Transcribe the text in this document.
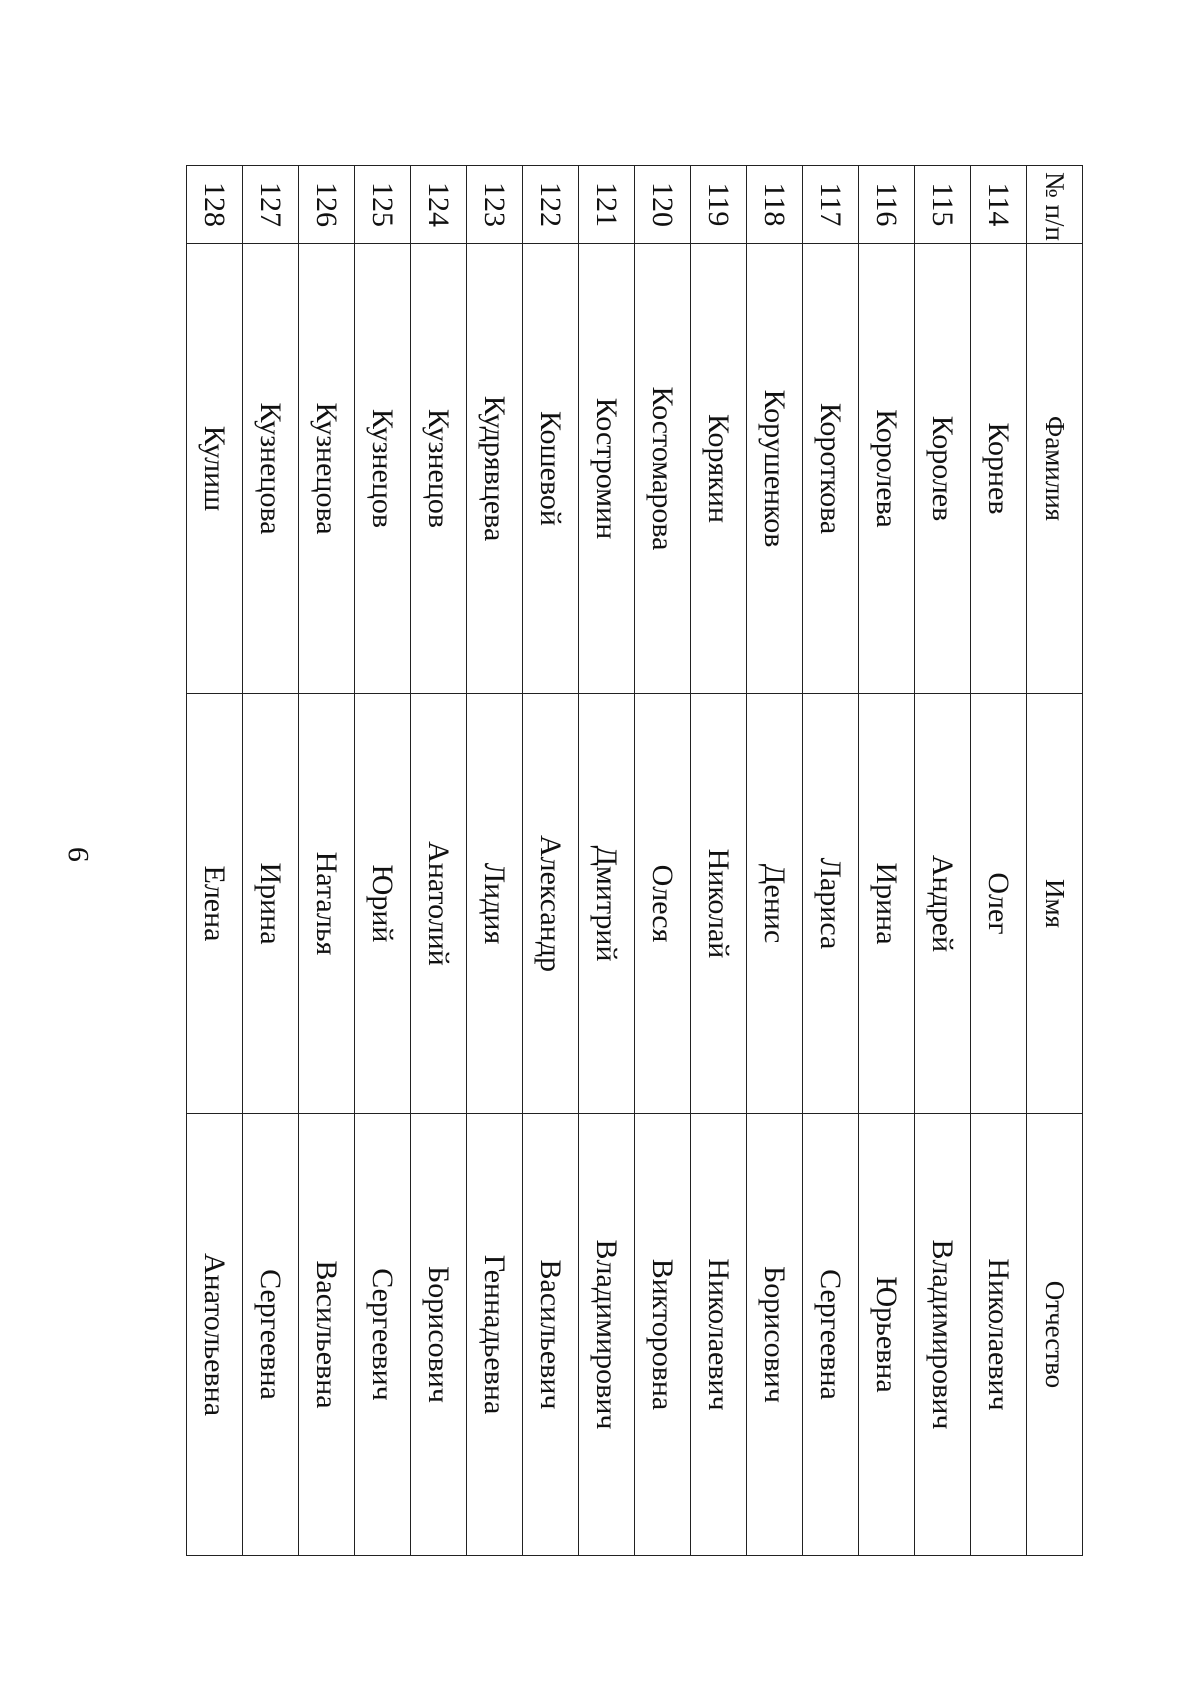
9
№ п/п	Фамилия	Имя	Отчество
114	Корнев	Олег	Николаевич
115	Королев	Андрей	Владимирович
116	Королева	Ирина	Юрьевна
117	Короткова	Лариса	Сергеевна
118	Корушенков	Денис	Борисович
119	Корякин	Николай	Николаевич
120	Костомарова	Олеся	Викторовна
121	Костромин	Дмитрий	Владимирович
122	Кошевой	Александр	Васильевич
123	Кудрявцева	Лидия	Геннадьевна
124	Кузнецов	Анатолий	Борисович
125	Кузнецов	Юрий	Сергеевич
126	Кузнецова	Наталья	Васильевна
127	Кузнецова	Ирина	Сергеевна
128	Кулиш	Елена	Анатольевна
